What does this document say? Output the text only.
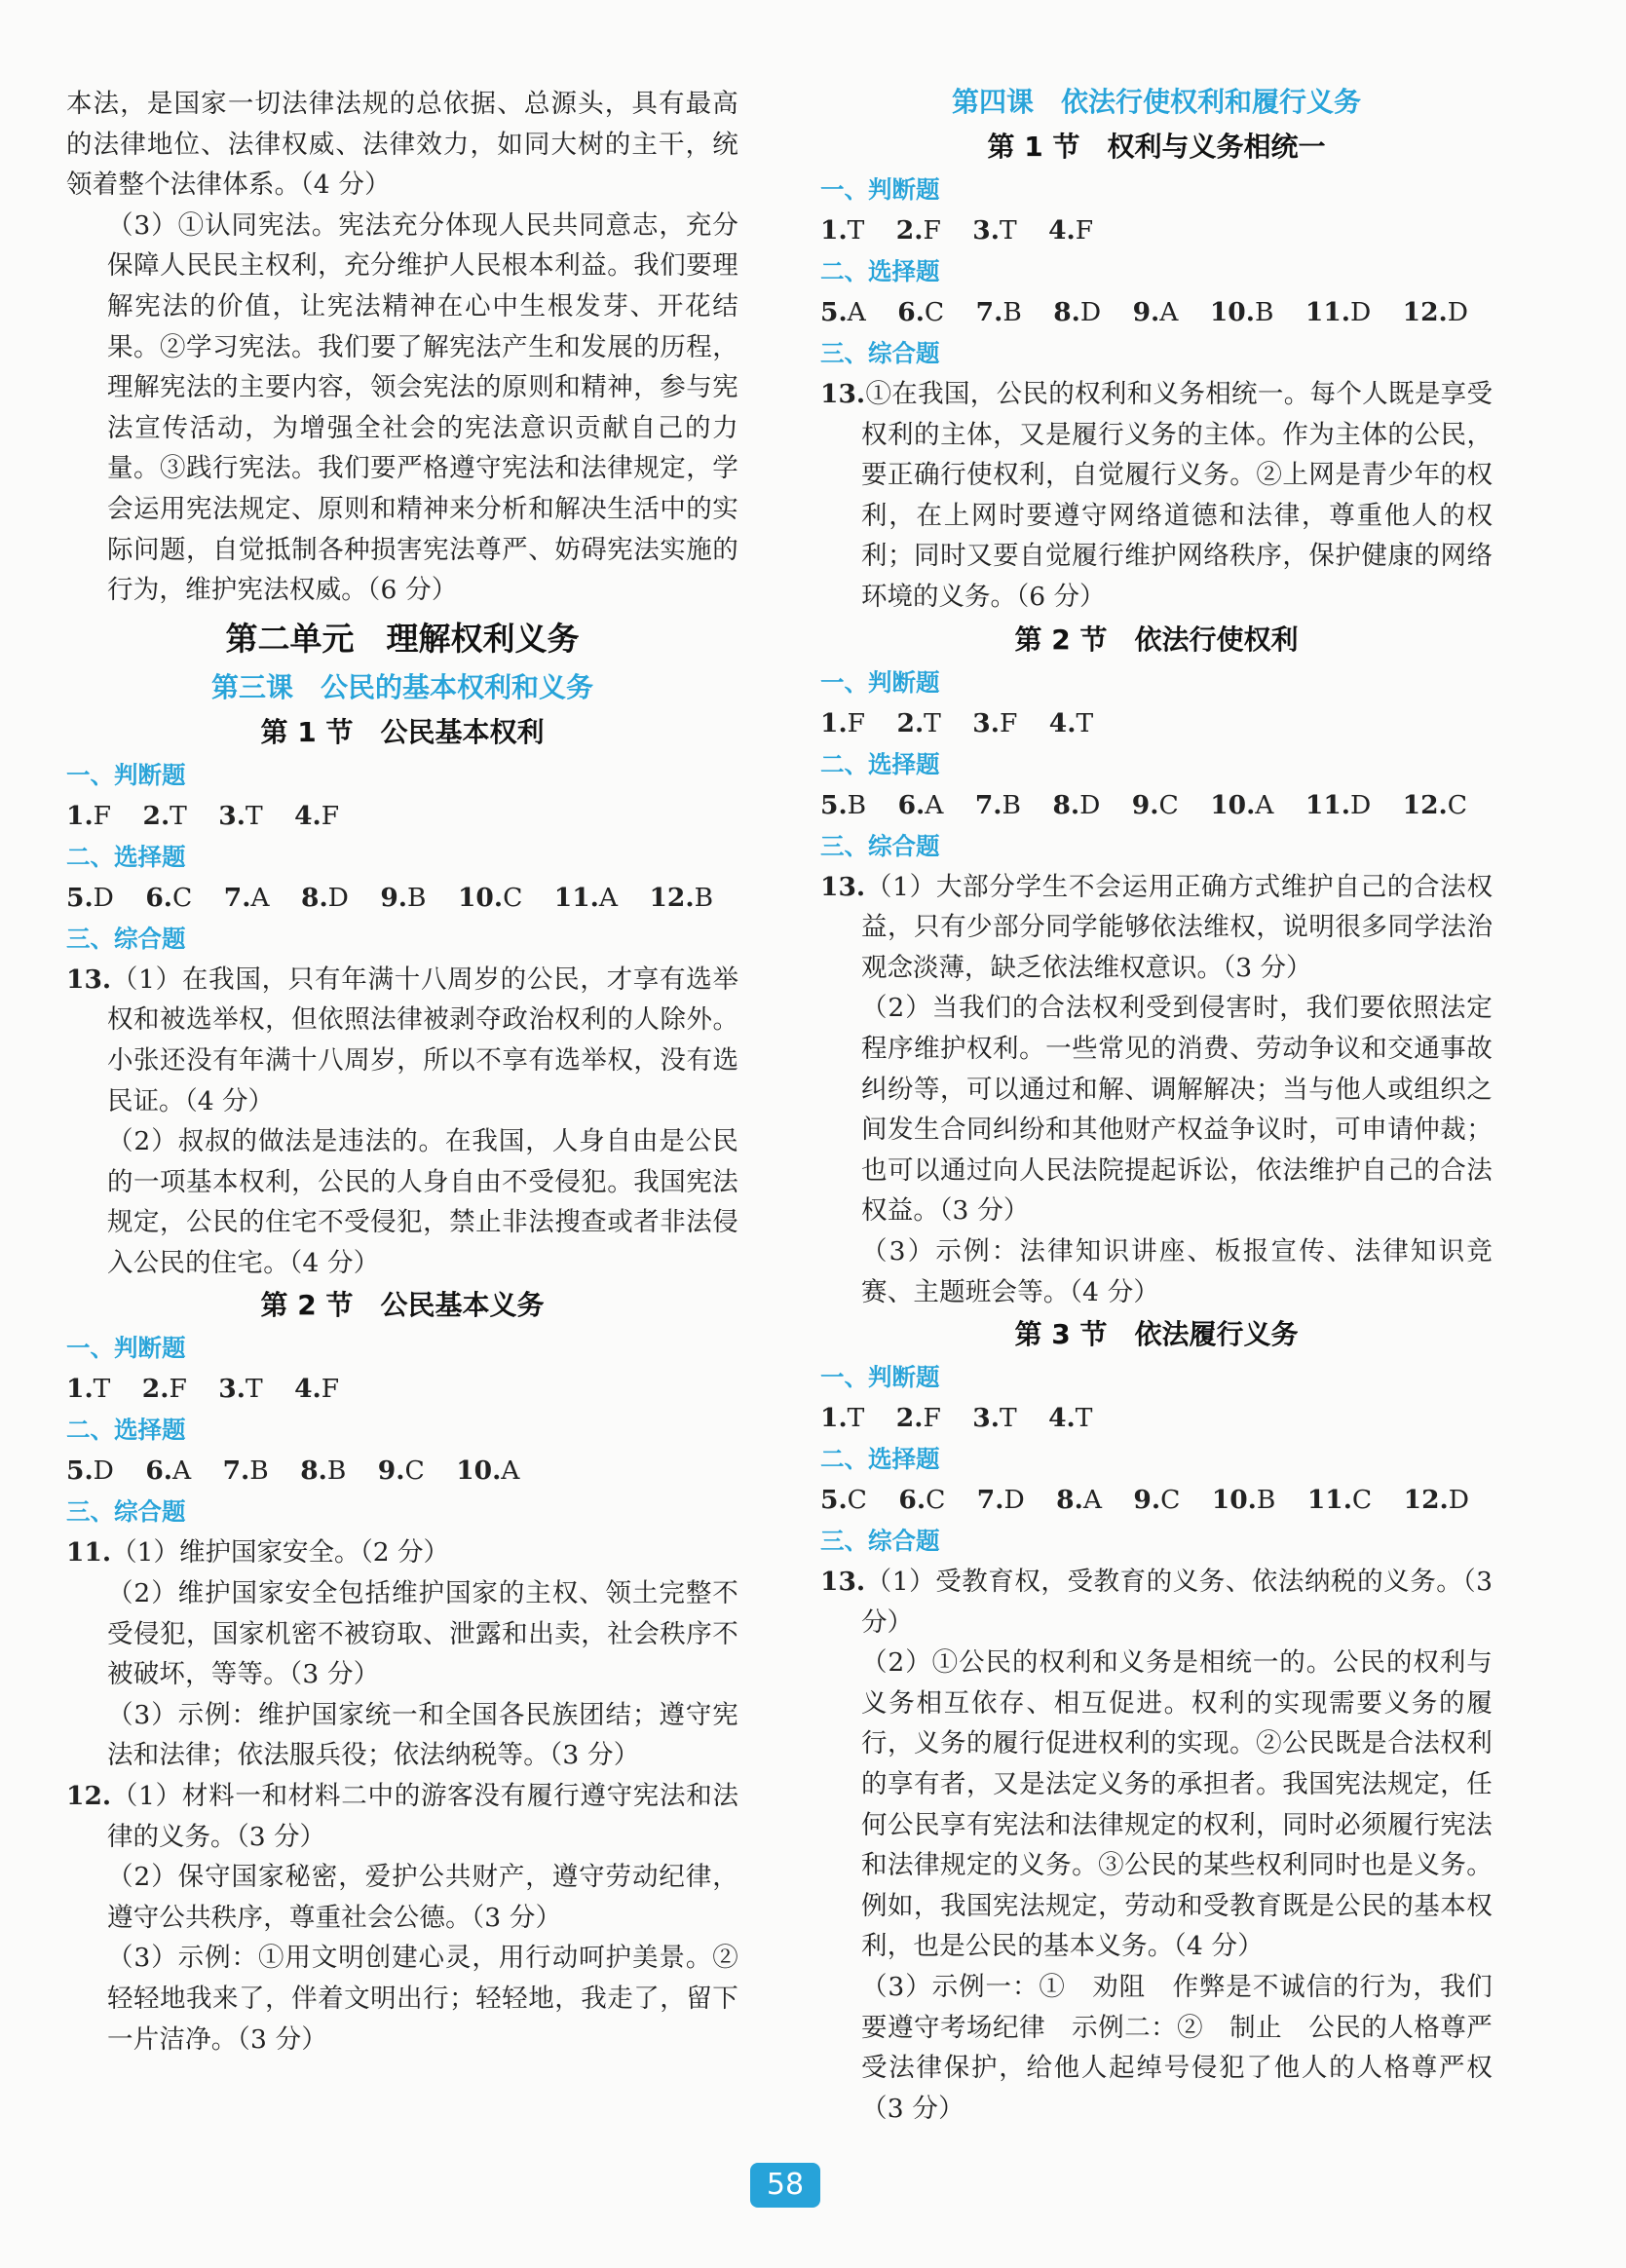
本法，是国家一切法律法规的总依据、总源头，具有最高的法律地位、法律权威、法律效力，如同大树的主干，统领着整个法律体系。（4 分）

（3）①认同宪法。宪法充分体现人民共同意志，充分保障人民民主权利，充分维护人民根本利益。我们要理解宪法的价值，让宪法精神在心中生根发芽、开花结果。②学习宪法。我们要了解宪法产生和发展的历程，理解宪法的主要内容，领会宪法的原则和精神，参与宪法宣传活动，为增强全社会的宪法意识贡献自己的力量。③践行宪法。我们要严格遵守宪法和法律规定，学会运用宪法规定、原则和精神来分析和解决生活中的实际问题，自觉抵制各种损害宪法尊严、妨碍宪法实施的行为，维护宪法权威。（6 分）

第二单元　理解权利义务
第三课　公民的基本权利和义务
第 1 节　公民基本权利
一、判断题
1.F 2.T 3.T 4.F
二、选择题
5.D 6.C 7.A 8.D 9.B 10.C 11.A 12.B
三、综合题

13.（1）在我国，只有年满十八周岁的公民，才享有选举权和被选举权，但依照法律被剥夺政治权利的人除外。小张还没有年满十八周岁，所以不享有选举权，没有选民证。（4 分）

（2）叔叔的做法是违法的。在我国，人身自由是公民的一项基本权利，公民的人身自由不受侵犯。我国宪法规定，公民的住宅不受侵犯，禁止非法搜查或者非法侵入公民的住宅。（4 分）

第 2 节　公民基本义务
一、判断题
1.T 2.F 3.T 4.F
二、选择题
5.D 6.A 7.B 8.B 9.C 10.A
三、综合题

11.（1）维护国家安全。（2 分）

（2）维护国家安全包括维护国家的主权、领土完整不受侵犯，国家机密不被窃取、泄露和出卖，社会秩序不被破坏，等等。（3 分）

（3）示例：维护国家统一和全国各民族团结；遵守宪法和法律；依法服兵役；依法纳税等。（3 分）

12.（1）材料一和材料二中的游客没有履行遵守宪法和法律的义务。（3 分）

（2）保守国家秘密，爱护公共财产，遵守劳动纪律，遵守公共秩序，尊重社会公德。（3 分）

（3）示例：①用文明创建心灵，用行动呵护美景。②轻轻地我来了，伴着文明出行；轻轻地，我走了，留下一片洁净。（3 分）

第四课　依法行使权利和履行义务
第 1 节　权利与义务相统一
一、判断题
1.T 2.F 3.T 4.F
二、选择题
5.A 6.C 7.B 8.D 9.A 10.B 11.D 12.D
三、综合题

13.①在我国，公民的权利和义务相统一。每个人既是享受权利的主体，又是履行义务的主体。作为主体的公民，要正确行使权利，自觉履行义务。②上网是青少年的权利，在上网时要遵守网络道德和法律，尊重他人的权利；同时又要自觉履行维护网络秩序，保护健康的网络环境的义务。（6 分）

第 2 节　依法行使权利
一、判断题
1.F 2.T 3.F 4.T
二、选择题
5.B 6.A 7.B 8.D 9.C 10.A 11.D 12.C
三、综合题

13.（1）大部分学生不会运用正确方式维护自己的合法权益，只有少部分同学能够依法维权，说明很多同学法治观念淡薄，缺乏依法维权意识。（3 分）

（2）当我们的合法权利受到侵害时，我们要依照法定程序维护权利。一些常见的消费、劳动争议和交通事故纠纷等，可以通过和解、调解解决；当与他人或组织之间发生合同纠纷和其他财产权益争议时，可申请仲裁；也可以通过向人民法院提起诉讼，依法维护自己的合法权益。（3 分）

（3）示例：法律知识讲座、板报宣传、法律知识竞赛、主题班会等。（4 分）

第 3 节　依法履行义务
一、判断题
1.T 2.F 3.T 4.T
二、选择题
5.C 6.C 7.D 8.A 9.C 10.B 11.C 12.D
三、综合题

13.（1）受教育权，受教育的义务、依法纳税的义务。（3 分）

（2）①公民的权利和义务是相统一的。公民的权利与义务相互依存、相互促进。权利的实现需要义务的履行，义务的履行促进权利的实现。②公民既是合法权利的享有者，又是法定义务的承担者。我国宪法规定，任何公民享有宪法和法律规定的权利，同时必须履行宪法和法律规定的义务。③公民的某些权利同时也是义务。例如，我国宪法规定，劳动和受教育既是公民的基本权利，也是公民的基本义务。（4 分）

（3）示例一：①　劝阻　作弊是不诚信的行为，我们要遵守考场纪律　示例二：②　制止　公民的人格尊严受法律保护，给他人起绰号侵犯了他人的人格尊严权（3 分）

58
